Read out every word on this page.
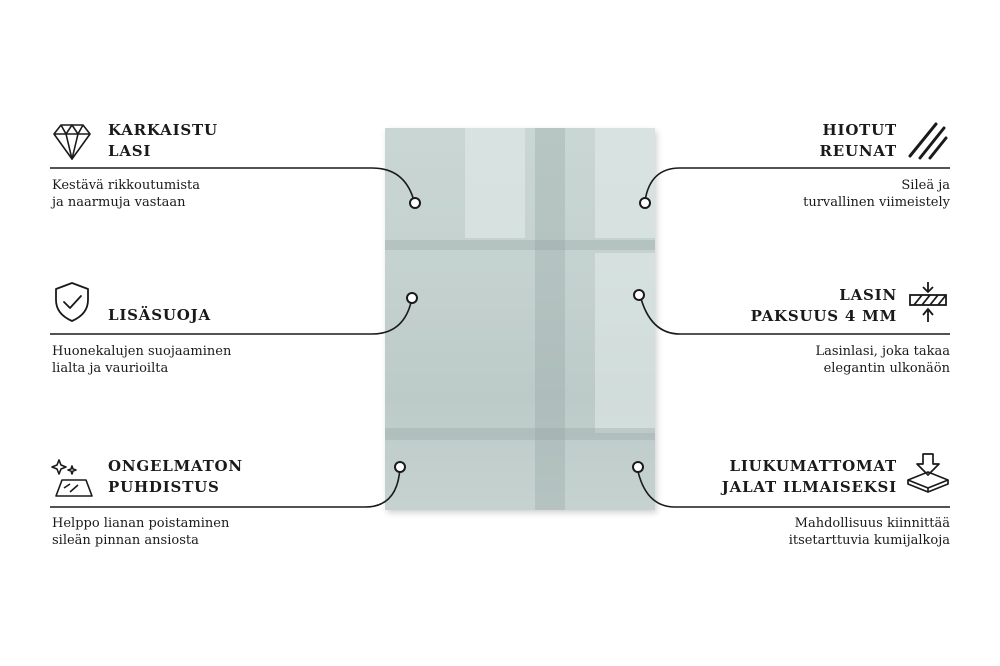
KARKAISTU
LASI
Kestävä rikkoutumista
ja naarmuja vastaan
LISÄSUOJA
Huonekalujen suojaaminen
lialta ja vaurioilta
ONGELMATON
PUHDISTUS
Helppo lianan poistaminen
sileän pinnan ansiosta
HIOTUT
REUNAT
Sileä ja
turvallinen viimeistely
LASIN
PAKSUUS 4 MM
Lasinlasi, joka takaa
elegantin ulkonäön
LIUKUMATTOMAT
JALAT ILMAISEKSI
Mahdollisuus kiinnittää
itsetarttuvia kumijalkoja
